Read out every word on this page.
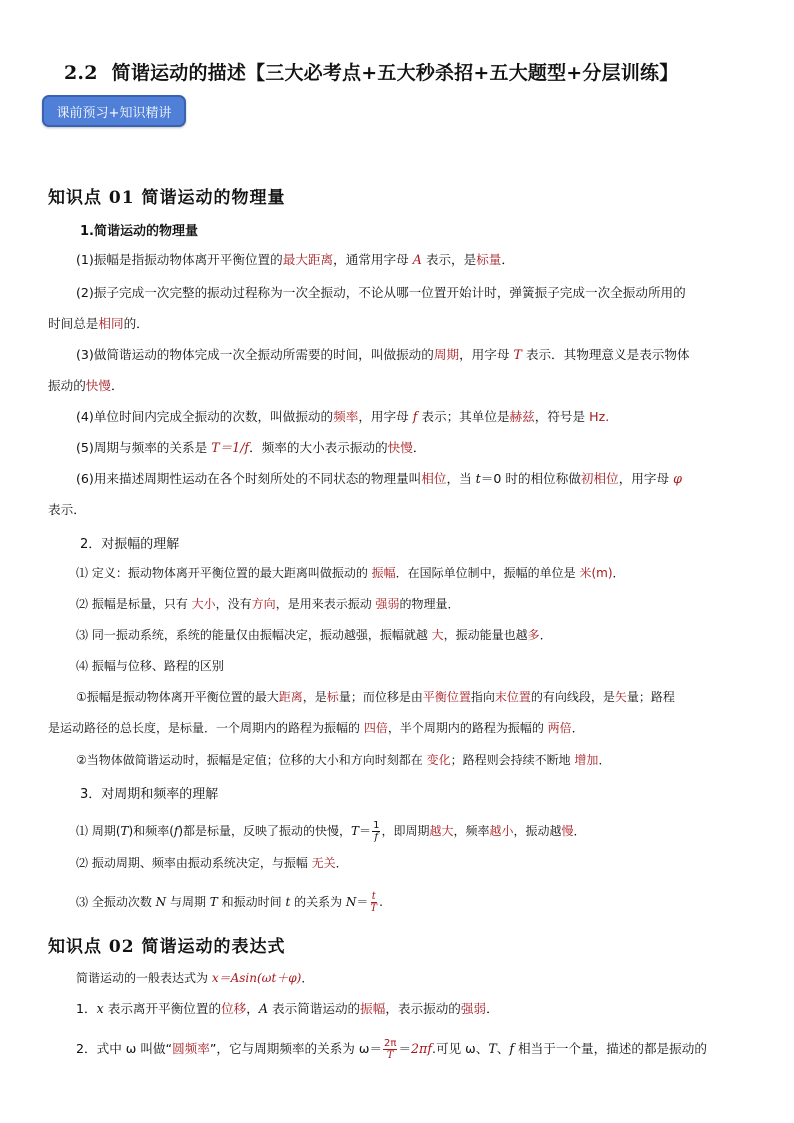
2.2 简谐运动的描述【三大必考点+五大秒杀招+五大题型+分层训练】
课前预习+知识精讲
知识点 01 简谐运动的物理量
1.简谐运动的物理量
(1)振幅是指振动物体离开平衡位置的最大距离，通常用字母 A 表示，是标量．
(2)振子完成一次完整的振动过程称为一次全振动，不论从哪一位置开始计时，弹簧振子完成一次全振动所用的
时间总是相同的．
(3)做简谐运动的物体完成一次全振动所需要的时间，叫做振动的周期，用字母 T 表示．其物理意义是表示物体
振动的快慢．
(4)单位时间内完成全振动的次数，叫做振动的频率，用字母 f 表示；其单位是赫兹，符号是 Hz.
(5)周期与频率的关系是 T＝1/f．频率的大小表示振动的快慢．
(6)用来描述周期性运动在各个时刻所处的不同状态的物理量叫相位，当 t＝0 时的相位称做初相位，用字母 φ
表示．
2．对振幅的理解
⑴ 定义：振动物体离开平衡位置的最大距离叫做振动的 振幅．在国际单位制中，振幅的单位是 米(m)．
⑵ 振幅是标量，只有 大小，没有方向，是用来表示振动 强弱的物理量．
⑶ 同一振动系统，系统的能量仅由振幅决定，振动越强，振幅就越 大，振动能量也越多．
⑷ 振幅与位移、路程的区别
①振幅是振动物体离开平衡位置的最大距离，是标量；而位移是由平衡位置指向末位置的有向线段，是矢量；路程
是运动路径的总长度，是标量．一个周期内的路程为振幅的 四倍，半个周期内的路程为振幅的 两倍．
②当物体做简谐运动时，振幅是定值；位移的大小和方向时刻都在 变化；路程则会持续不断地 增加．
3．对周期和频率的理解
⑴ 周期(T)和频率(f)都是标量，反映了振动的快慢，$T= \frac{1}{f}$ ，即周期越大，频率越小，振动越慢．
⑵ 振动周期、频率由振动系统决定，与振幅 无关．
⑶ 全振动次数 N 与周期 T 和振动时间 t 的关系为 $N= \frac{t}{T}$ .
知识点 02 简谐运动的表达式
简谐运动的一般表达式为 x＝Asin(ωt＋φ)．
1．x 表示离开平衡位置的位移，A 表示简谐运动的振幅，表示振动的强弱．
2．式中 ω 叫做“圆频率”，它与周期频率的关系为 $\omega= \frac{2\pi}{T} =2\pi f$.可见 ω、T、f 相当于一个量，描述的都是振动的
